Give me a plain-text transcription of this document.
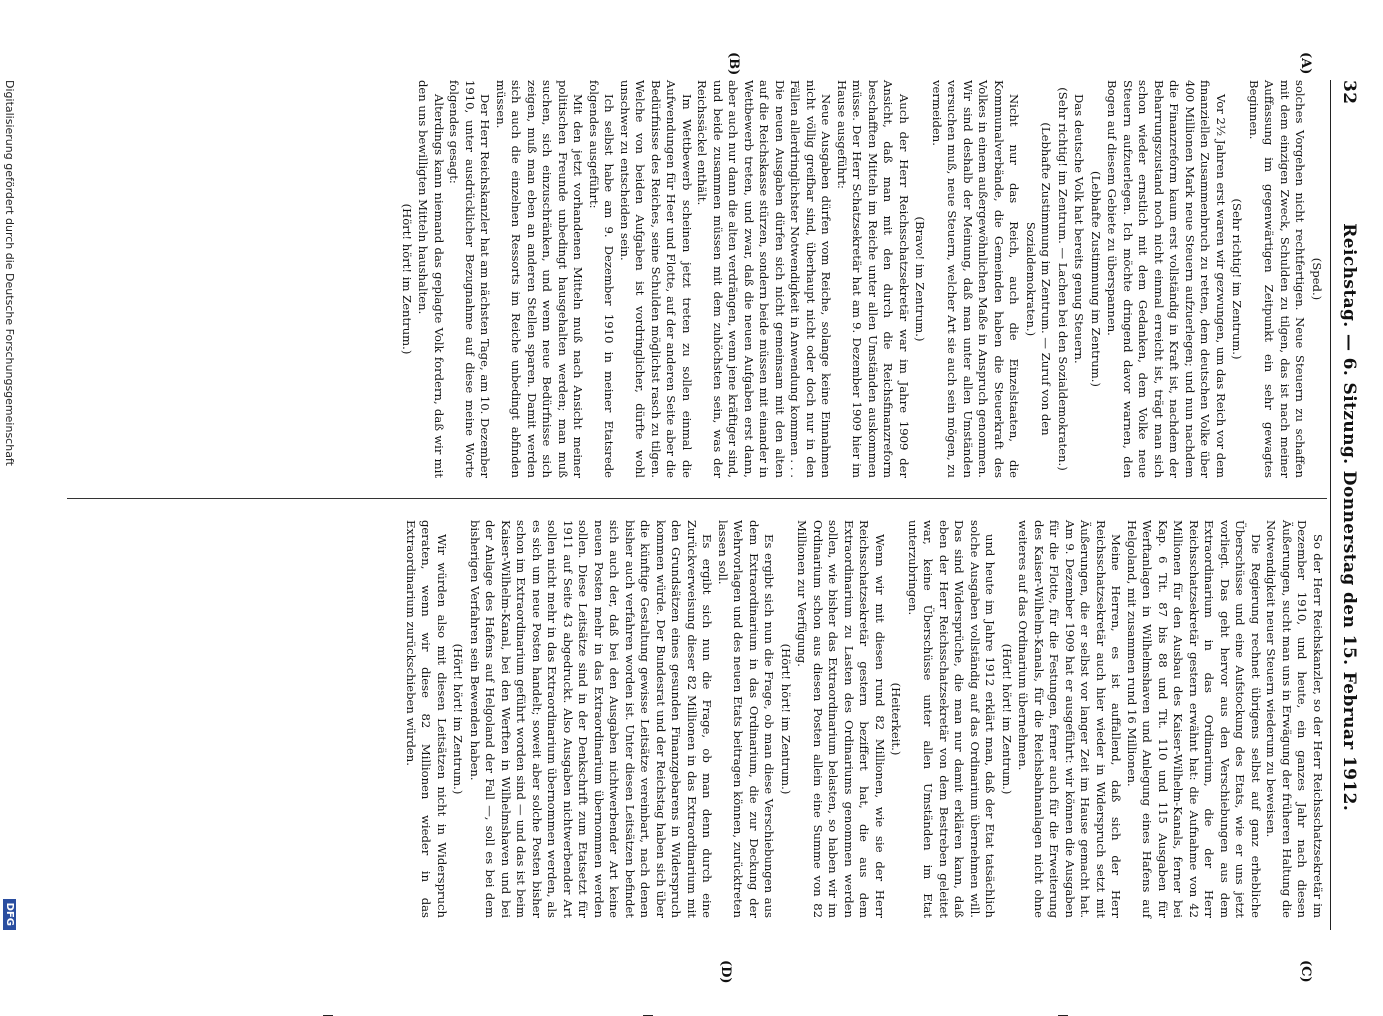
32
Reichstag. — 6. Sitzung. Donnerstag den 15. Februar 1912.
(A)
(B)
(C)
(D)

(Sped.)

solches Vorgehen nicht rechtfertigen. Neue Steuern zu schaffen mit dem einzigen Zweck, Schulden zu tilgen, das ist nach meiner Auffassung im gegenwärtigen Zeitpunkt ein sehr gewagtes Beginnen.

(Sehr richtig! im Zentrum.)

Vor 2½ Jahren erst waren wir gezwungen, um das Reich vor dem finanziellen Zusammenbruch zu retten, dem deutschen Volke über 400 Millionen Mark neue Steuern aufzuerlegen; und nun nachdem die Finanzreform kaum erst vollständig in Kraft ist, nachdem der Beharrungszustand noch nicht einmal erreicht ist, trägt man sich schon wieder ernstlich mit dem Gedanken, dem Volke neue Steuern aufzuerlegen. Ich möchte dringend davor warnen, den Bogen auf diesem Gebiete zu überspannen.

(Lebhafte Zustimmung im Zentrum.)

Das deutsche Volk hat bereits genug Steuern.

(Sehr richtig! im Zentrum. — Lachen bei den Sozialdemokraten.)

(Lebhafte Zustimmung im Zentrum. — Zuruf von den Sozialdemokraten.)

Nicht nur das Reich, auch die Einzelstaaten, die Kommunalverbände, die Gemeinden haben die Steuerkraft des Volkes in einem außergewöhnlichen Maße in Anspruch genommen. Wir sind deshalb der Meinung, daß man unter allen Umständen versuchen muß, neue Steuern, welcher Art sie auch sein mögen, zu vermeiden.

(Bravo! im Zentrum.)

Auch der Herr Reichsschatzsekretär war im Jahre 1909 der Ansicht, daß man mit den durch die Reichsfinanzreform beschafften Mitteln im Reiche unter allen Umständen auskommen müsse. Der Herr Schatzsekretär hat am 9. Dezember 1909 hier im Hause ausgeführt:

Neue Ausgaben dürfen vom Reiche, solange keine Einnahmen nicht völlig greifbar sind, überhaupt nicht oder doch nur in den Fällen allerdringlichster Notwendigkeit in Anwendung kommen . . . Die neuen Ausgaben dürfen sich nicht gemeinsam mit den alten auf die Reichskasse stürzen, sondern beide müssen mit einander in Wettbewerb treten, und zwar, daß die neuen Aufgaben erst dann, aber auch nur dann die alten verdrängen, wenn jene kräftiger sind, und beide zusammen müssen mit dem zuhöchsten sein, was der Reichssäckel enthält.

Im Wettbewerb scheinen jetzt treten zu sollen einmal die Aufwendungen für Heer und Flotte, auf der anderen Seite aber die Bedürfnisse des Reiches, seine Schulden möglichst rasch zu tilgen. Welche von beiden Aufgaben ist vordringlicher, dürfte wohl unschwer zu entscheiden sein.

Ich selbst habe am 9. Dezember 1910 in meiner Etatsrede folgendes ausgeführt:

Mit den jetzt vorhandenen Mitteln muß nach Ansicht meiner politischen Freunde unbedingt hausgehalten werden; man muß suchen, sich einzuschränken, und wenn neue Bedürfnisse sich zeigen, muß man eben an anderen Stellen sparen. Damit werden sich auch die einzelnen Ressorts im Reiche unbedingt abfinden müssen.

Der Herr Reichskanzler hat am nächsten Tage, am 10. Dezember 1910, unter ausdrücklicher Bezugnahme auf diese meine Worte folgendes gesagt:

Alterdings kann niemand das geplagte Volk fordern, daß wir mit den uns bewilligten Mitteln haushalten.

(Hört! hört! im Zentrum.)

So der Herr Reichskanzler, so der Herr Reichsschatzsekretär im Dezember 1910, und heute, ein ganzes Jahr nach diesen Äußerungen, sucht man uns in Erwägung der früheren Haltung die Notwendigkeit neuer Steuern wiederum zu beweisen.

Die Regierung rechnet übrigens selbst auf ganz erhebliche Überschüsse und eine Aufstockung des Etats, wie er uns jetzt vorliegt. Das geht hervor aus den Verschiebungen aus dem Extraordinarium in das Ordinarium, die der Herr Reichsschatzsekretär gestern erwähnt hat: die Aufnahme von 42 Millionen für den Ausbau des Kaiser-Wilhelm-Kanals, ferner bei Kap. 6 Tit. 87 bis 88 und Tit. 110 und 115 Ausgaben für Werftanlagen in Wilhelmshaven und Anlegung eines Hafens auf Helgoland, mit zusammen rund 16 Millionen.

Meine Herren, es ist auffallend, daß sich der Herr Reichsschatzsekretär auch hier wieder in Widerspruch setzt mit Äußerungen, die er selbst vor langer Zeit im Hause gemacht hat. Am 9. Dezember 1909 hat er ausgeführt: wir können die Ausgaben für die Flotte, für die Festungen, ferner auch für die Erweiterung des Kaiser-Wilhelm-Kanals, für die Reichsbahnanlagen nicht ohne weiteres auf das Ordinarium übernehmen.

(Hört! hört! im Zentrum.)

und heute im Jahre 1912 erklärt man, daß der Etat tatsächlich solche Ausgaben vollständig auf das Ordinarium übernehmen will. Das sind Widersprüche, die man nur damit erklären kann, daß eben der Herr Reichsschatzsekretär von dem Bestreben geleitet war, keine Überschüsse unter allen Umständen im Etat unterzubringen.

(Heiterkeit.)

Wenn wir mit diesen rund 82 Millionen, wie sie der Herr Reichsschatzsekretär gestern beziffert hat, die aus dem Extraordinarium zu Lasten des Ordinariums genommen werden sollen, wie bisher das Extraordinarium belasten, so haben wir im Ordinarium schon aus diesen Posten allein eine Summe von 82 Millionen zur Verfügung.

(Hört! hört! im Zentrum.)

Es ergibt sich nun die Frage, ob man diese Verschiebungen aus dem Extraordinarium in das Ordinarium, die zur Deckung der Wehrvorlagen und des neuen Etats beitragen können, zurücktreten lassen soll.

Es ergibt sich nun die Frage, ob man denn durch eine Zurückverweisung dieser 82 Millionen in das Extraordinarium mit den Grundsätzen eines gesunden Finanzgebarens in Widerspruch kommen würde. Der Bundesrat und der Reichstag haben sich über die künftige Gestaltung gewisse Leitsätze vereinbart, nach denen bisher auch verfahren worden ist. Unter diesen Leitsätzen befindet sich auch der, daß bei den Ausgaben nichtwerbender Art keine neuen Posten mehr in das Extraordinarium übernommen werden sollen. Diese Leitsätze sind in der Denkschrift zum Etatsetzt für 1911 auf Seite 43 abgedruckt. Also Ausgaben nichtwerbender Art sollen nicht mehr in das Extraordinarium übernommen werden, als es sich um neue Posten handelt; soweit aber solche Posten bisher schon im Extraordinarium geführt worden sind — und das ist beim Kaiser-Wilhelm-Kanal, bei den Werften in Wilhelmshaven und bei der Anlage des Hafens auf Helgoland der Fall —, soll es bei dem bisherigen Verfahren sein Bewenden haben.

(Hört! hört! im Zentrum.)

Wir würden also mit diesen Leitsätzen nicht in Widerspruch geraten, wenn wir diese 82 Millionen wieder in das Extraordinarium zurückschieben würden.

Digitalisierung gefördert durch die Deutsche Forschungsgemeinschaft
DFG
